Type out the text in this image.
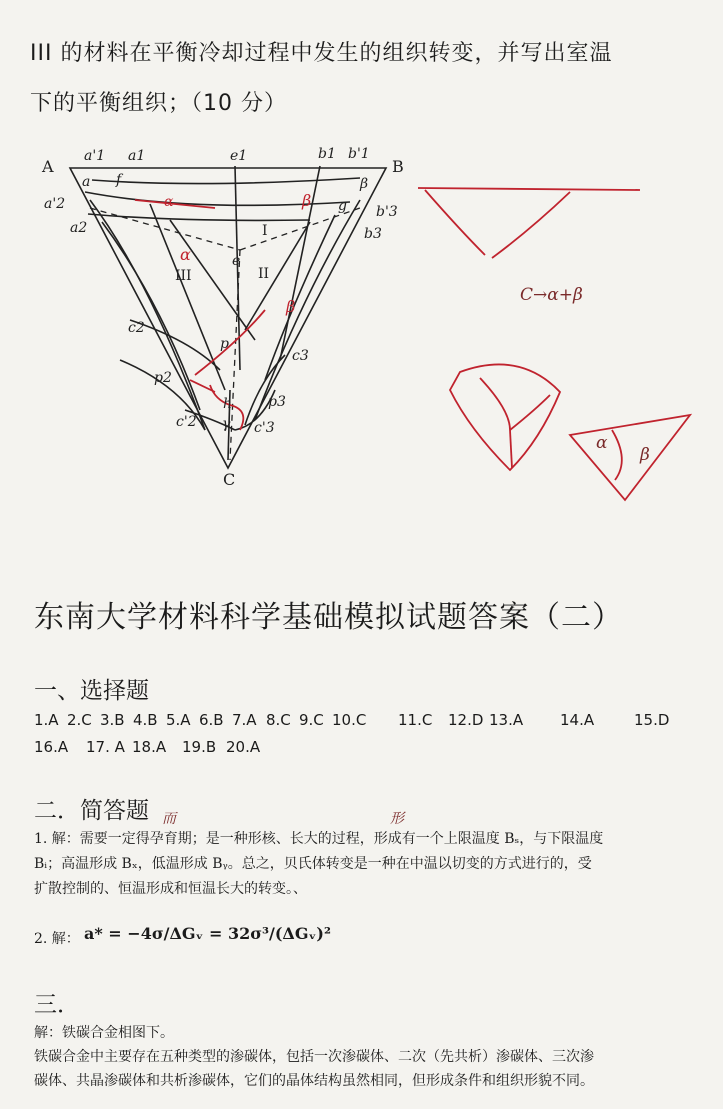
III 的材料在平衡冷却过程中发生的组织转变，并写出室温
下的平衡组织；（10 分）
A	B
C
a'1 a1	e1	b1 b'1
a f
α
β
g
a'2
a2
b'3
b3
I
II
III
e
c2
c3
p
p2
p3
h
c'2 γ c'3
β
α
β
C→α+β
α
β
东南大学材料科学基础模拟试题答案（二）
一、选择题
1.A 2.C 3.B 4.B 5.A 6.B 7.A 8.C 9.C 10.C 11.C 12.D 13.A 14.A	15.D
16.A 17. A 18.A 19.B 20.A
二．简答题 而	形
1. 解：需要一定得孕育期；是一种形核、长大的过程，形成有一个上限温度 Bₛ，与下限温度
Bᵢ；高温形成 Bₓ，低温形成 Bᵧ。总之，贝氏体转变是一种在中温以切变的方式进行的，受
扩散控制的、恒温形成和恒温长大的转变。、
2. 解： a* = −4σ/ΔGᵥ = 32σ³/(ΔGᵥ)²
三．
解：铁碳合金相图下。
铁碳合金中主要存在五种类型的渗碳体，包括一次渗碳体、二次（先共析）渗碳体、三次渗
碳体、共晶渗碳体和共析渗碳体，它们的晶体结构虽然相同，但形成条件和组织形貌不同。
